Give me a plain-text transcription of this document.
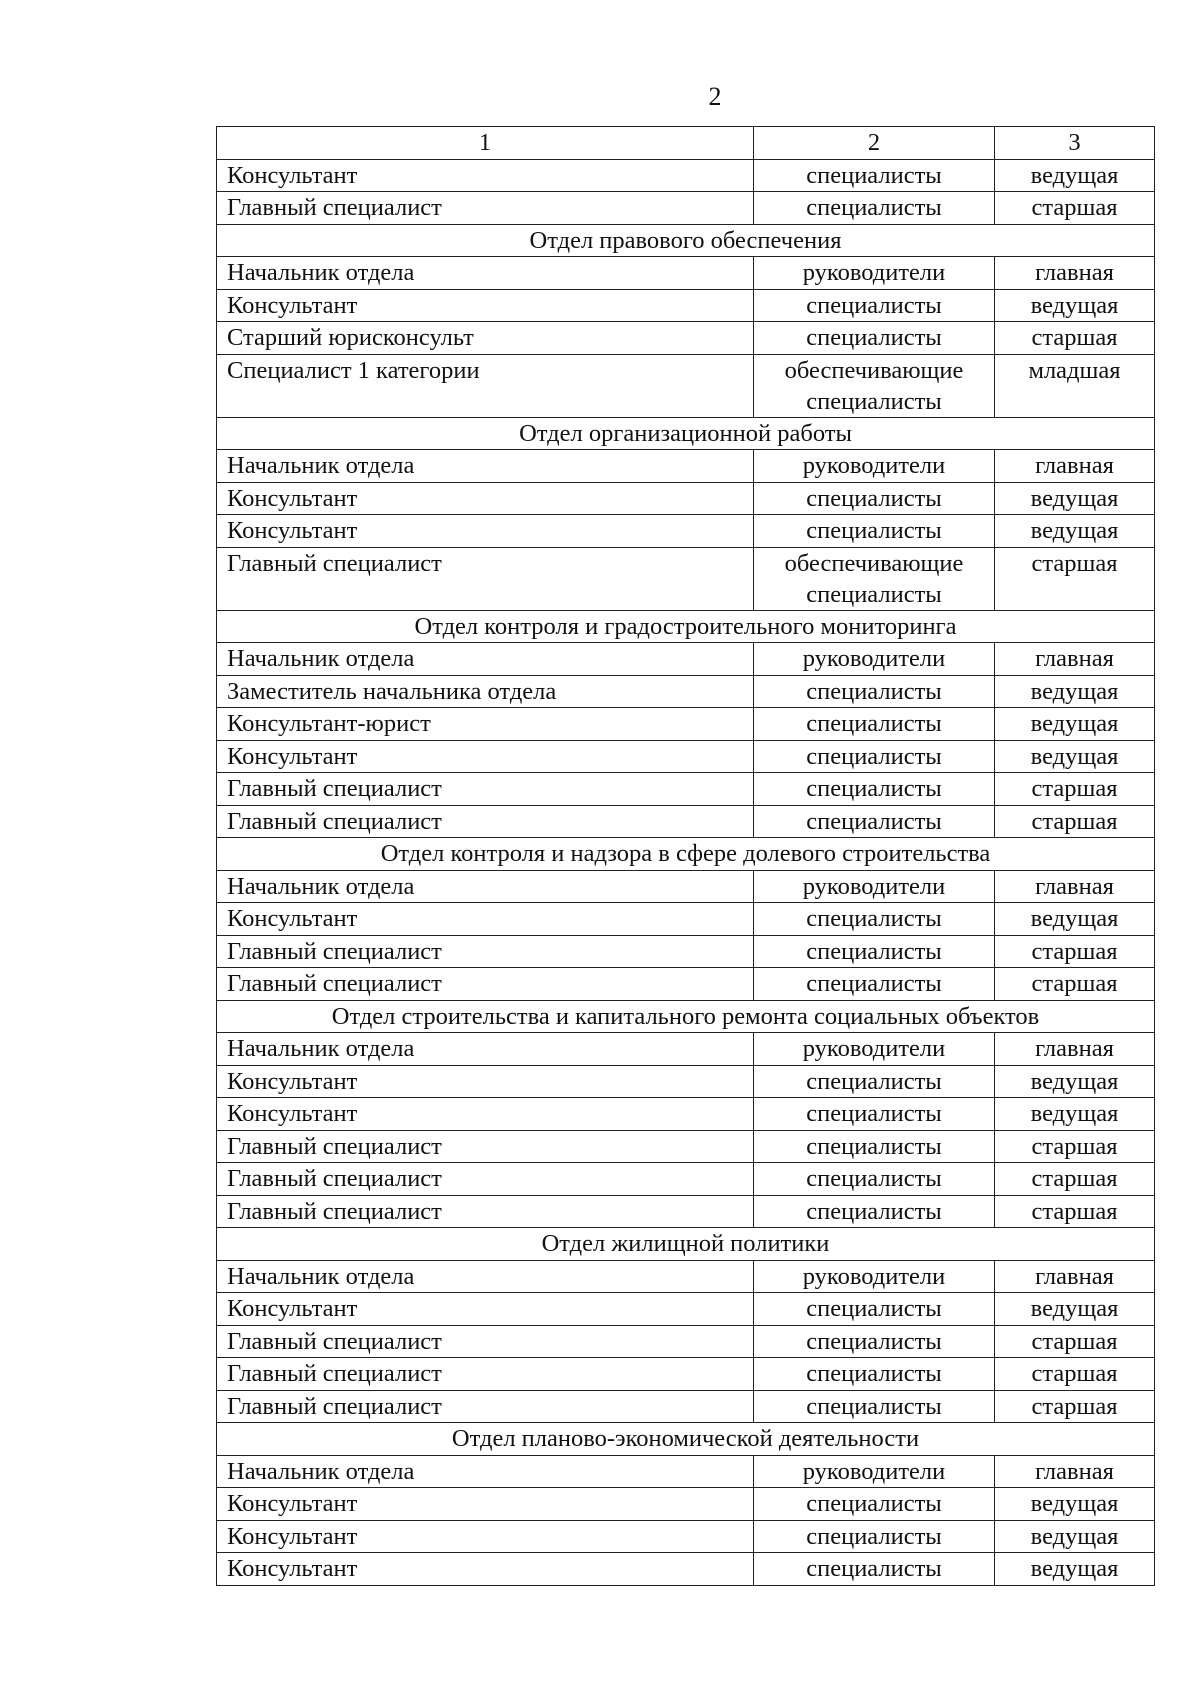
2
1	2	3
Консультант	специалисты	ведущая
Главный специалист	специалисты	старшая
Отдел правового обеспечения		
Начальник отдела	руководители	главная
Консультант	специалисты	ведущая
Старший юрисконсульт	специалисты	старшая
Специалист 1 категории	обеспечивающие специалисты	младшая
Отдел организационной работы		
Начальник отдела	руководители	главная
Консультант	специалисты	ведущая
Консультант	специалисты	ведущая
Главный специалист	обеспечивающие специалисты	старшая
Отдел контроля и градостроительного мониторинга		
Начальник отдела	руководители	главная
Заместитель начальника отдела	специалисты	ведущая
Консультант-юрист	специалисты	ведущая
Консультант	специалисты	ведущая
Главный специалист	специалисты	старшая
Главный специалист	специалисты	старшая
Отдел контроля и надзора в сфере долевого строительства		
Начальник отдела	руководители	главная
Консультант	специалисты	ведущая
Главный специалист	специалисты	старшая
Главный специалист	специалисты	старшая
Отдел строительства и капитального ремонта социальных объектов		
Начальник отдела	руководители	главная
Консультант	специалисты	ведущая
Консультант	специалисты	ведущая
Главный специалист	специалисты	старшая
Главный специалист	специалисты	старшая
Главный специалист	специалисты	старшая
Отдел жилищной политики		
Начальник отдела	руководители	главная
Консультант	специалисты	ведущая
Главный специалист	специалисты	старшая
Главный специалист	специалисты	старшая
Главный специалист	специалисты	старшая
Отдел планово-экономической деятельности		
Начальник отдела	руководители	главная
Консультант	специалисты	ведущая
Консультант	специалисты	ведущая
Консультант	специалисты	ведущая
